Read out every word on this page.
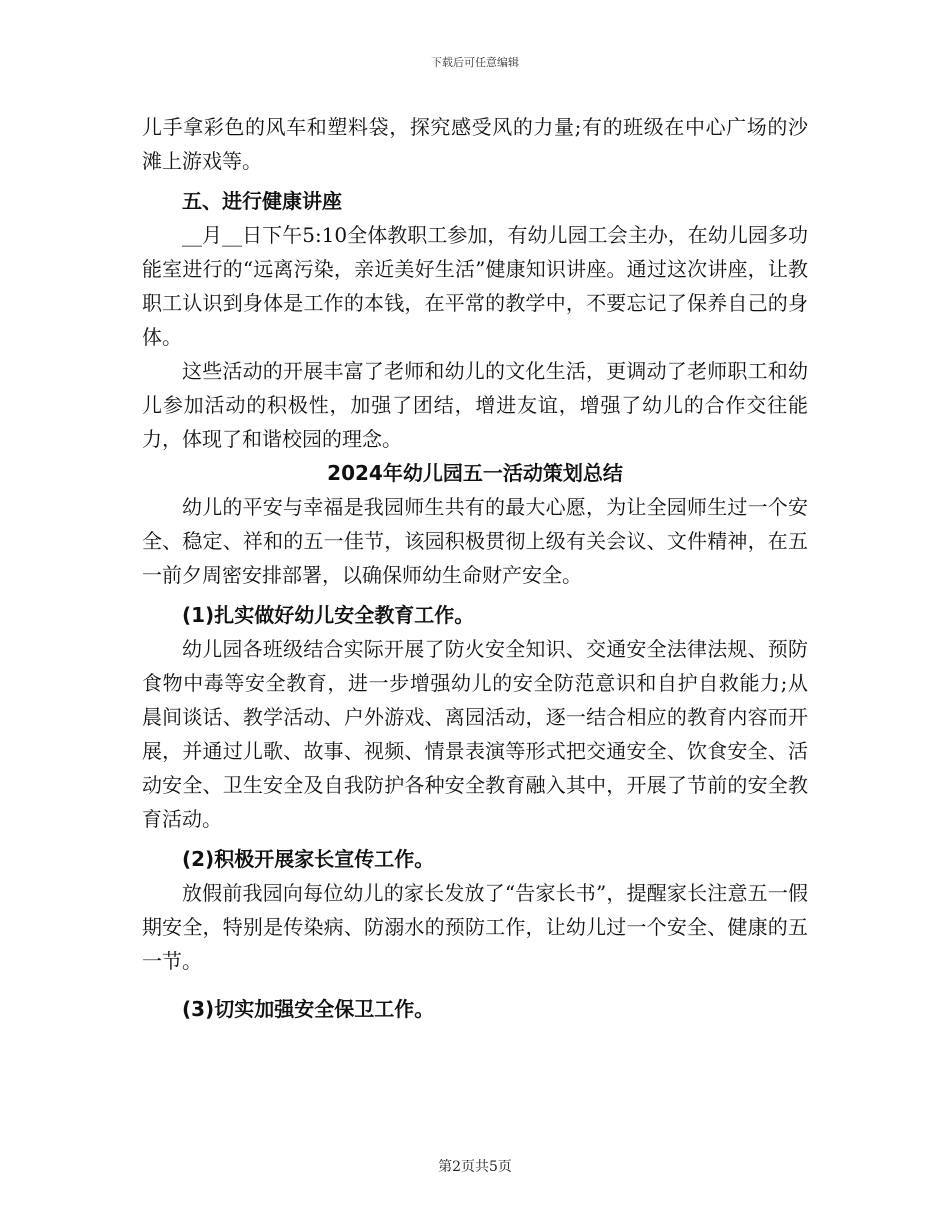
下载后可任意编辑

儿手拿彩色的风车和塑料袋，探究感受风的力量;有的班级在中心广场的沙滩上游戏等。

五、进行健康讲座

__月__日下午5:10全体教职工参加，有幼儿园工会主办，在幼儿园多功能室进行的“远离污染，亲近美好生活”健康知识讲座。通过这次讲座，让教职工认识到身体是工作的本钱，在平常的教学中，不要忘记了保养自己的身体。

这些活动的开展丰富了老师和幼儿的文化生活，更调动了老师职工和幼儿参加活动的积极性，加强了团结，增进友谊，增强了幼儿的合作交往能力，体现了和谐校园的理念。

2024年幼儿园五一活动策划总结

幼儿的平安与幸福是我园师生共有的最大心愿，为让全园师生过一个安全、稳定、祥和的五一佳节，该园积极贯彻上级有关会议、文件精神，在五一前夕周密安排部署，以确保师幼生命财产安全。

(1)扎实做好幼儿安全教育工作。

幼儿园各班级结合实际开展了防火安全知识、交通安全法律法规、预防食物中毒等安全教育，进一步增强幼儿的安全防范意识和自护自救能力;从晨间谈话、教学活动、户外游戏、离园活动，逐一结合相应的教育内容而开展，并通过儿歌、故事、视频、情景表演等形式把交通安全、饮食安全、活动安全、卫生安全及自我防护各种安全教育融入其中，开展了节前的安全教育活动。

(2)积极开展家长宣传工作。

放假前我园向每位幼儿的家长发放了“告家长书”，提醒家长注意五一假期安全，特别是传染病、防溺水的预防工作，让幼儿过一个安全、健康的五一节。

(3)切实加强安全保卫工作。

第2页共5页
